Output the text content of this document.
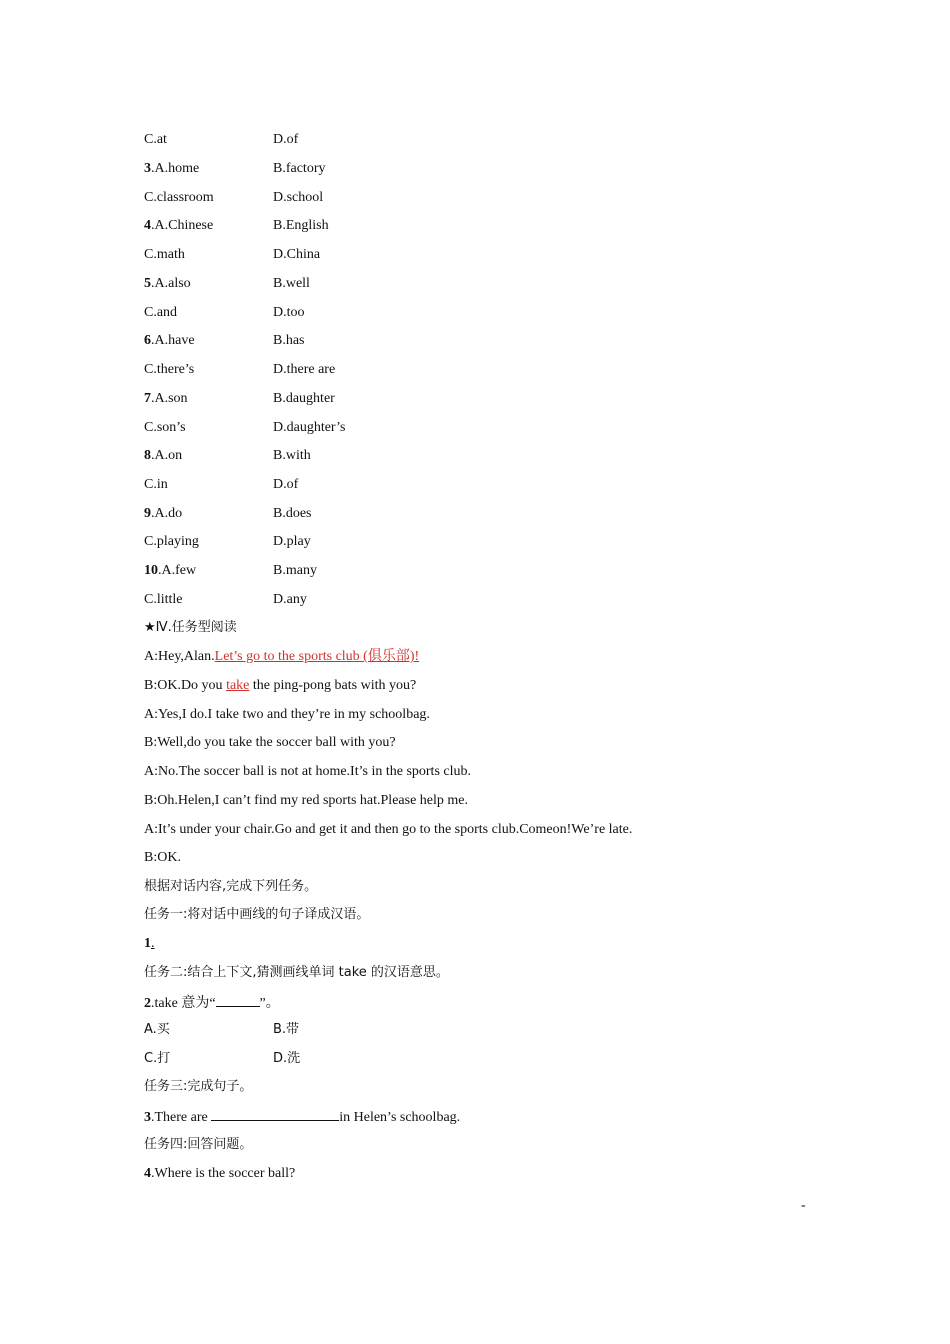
C.at	D.of
3.A.home	B.factory
C.classroom	D.school
4.A.Chinese	B.English
C.math	D.China
5.A.also	B.well
C.and	D.too
6.A.have	B.has
C.there’s	D.there are
7.A.son	B.daughter
C.son’s	D.daughter’s
8.A.on	B.with
C.in	D.of
9.A.do	B.does
C.playing	D.play
10.A.few	B.many
C.little	D.any
★Ⅳ.任务型阅读
A:Hey,Alan.Let’s go to the sports club (俱乐部)!
B:OK.Do you take the ping-pong bats with you?
A:Yes,I do.I take two and they’re in my schoolbag.
B:Well,do you take the soccer ball with you?
A:No.The soccer ball is not at home.It’s in the sports club.
B:Oh.Helen,I can’t find my red sports hat.Please help me.
A:It’s under your chair.Go and get it and then go to the sports club.Comeon!We’re late.
B:OK.
根据对话内容,完成下列任务。
任务一:将对话中画线的句子译成汉语。
1.
任务二:结合上下文,猜测画线单词 take 的汉语意思。
2.take 意为“	”。
A.买	B.带
C.打	D.洗
任务三:完成句子。
3.There are	in Helen’s schoolbag.
任务四:回答问题。
4.Where is the soccer ball?
-
